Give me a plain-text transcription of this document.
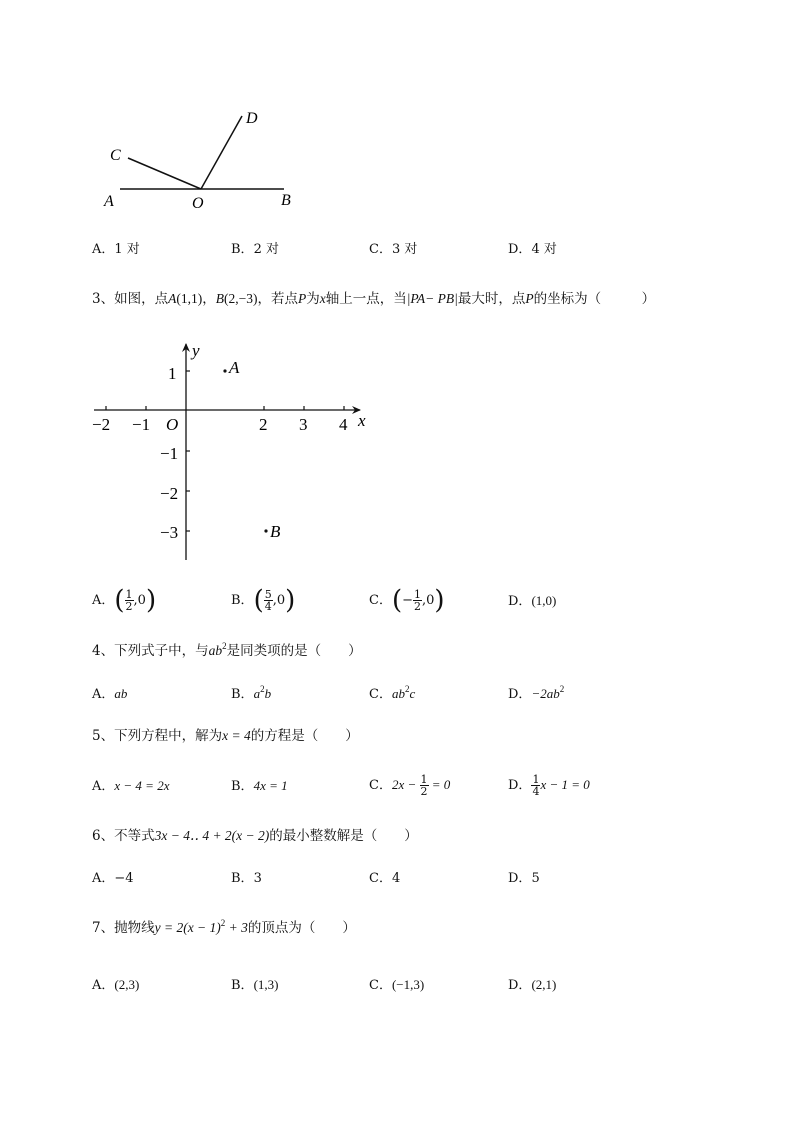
A	B
C
D
O
A．1 对	B．2 对	C．3 对	D．4 对
3、如图，点A(1,1)，B(2,−3)，若点P为x轴上一点，当|PA− PB|最大时，点P的坐标为（　　　）
−2 −1	2 3 4
1
−1
−2
−3
O	x
y
A
B
A．( $\frac{1}{2} ,0$)	B．( $\frac{5}{4} ,0$)	C．(− $\frac{1}{2} ,0$)	D．(1,0)
4、下列式子中，与$ab^2$是同类项的是（　　）
A．ab	B．$a^2b$	C．$ab^2c$	D．$-2ab^2$
5、下列方程中，解为x = 4的方程是（　　）
A．x − 4 = 2x	B．4x = 1	C．$2x - \frac{1}{2} = 0$	D． $\frac{1}{4}$ x − 1 = 0
6、不等式3x − 4‥ 4 + 2(x − 2)的最小整数解是（　　）
A．−4	B．3	C．4	D．5
7、抛物线$y = 2(x - 1)^2 + 3$的顶点为（　　）
A．(2,3)	B．(1,3)	C．(−1,3)	D．(2,1)
